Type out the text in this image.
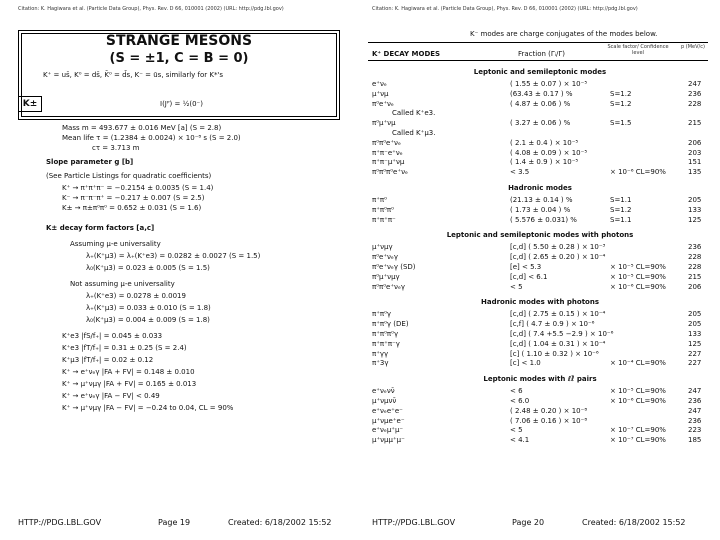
Citation: K. Hagiwara et al. (Particle Data Group), Phys. Rev. D 66, 010001 (2002) (URL: http://pdg.lbl.gov)
STRANGE MESONS
(S = ±1, C = B = 0)
K⁺ = us̄, K⁰ = ds̄, K̄⁰ = d̄s, K⁻ = ūs, similarly for K*'s
K±	I(Jᴾ) = ½(0⁻)
Mass m = 493.677 ± 0.016 MeV [a] (S = 2.8)
Mean life τ = (1.2384 ± 0.0024) × 10⁻⁸ s (S = 2.0)
cτ = 3.713 m
Slope parameter g [b]
(See Particle Listings for quadratic coefficients)
K⁺ → π⁺π⁺π⁻ = −0.2154 ± 0.0035 (S = 1.4)
K⁻ → π⁻π⁻π⁺ = −0.217 ± 0.007 (S = 2.5)
K± → π±π⁰π⁰ = 0.652 ± 0.031 (S = 1.6)
K± decay form factors [a,c]
Assuming μ-e universality
λ₊(K⁺μ3) = λ₊(K⁺e3) = 0.0282 ± 0.0027 (S = 1.5)
λ₀(K⁺μ3) = 0.023 ± 0.005 (S = 1.5)
Not assuming μ-e universality
λ₊(K⁺e3) = 0.0278 ± 0.0019
λ₊(K⁺μ3) = 0.033 ± 0.010 (S = 1.8)
λ₀(K⁺μ3) = 0.004 ± 0.009 (S = 1.8)
K⁺e3 |fS/f₊| = 0.045 ± 0.033
K⁺e3 |fT/f₊| = 0.31 ± 0.25 (S = 2.4)
K⁺μ3 |fT/f₊| = 0.02 ± 0.12
K⁺ → e⁺νₑγ |FA + FV| = 0.148 ± 0.010
K⁺ → μ⁺νμγ |FA + FV| = 0.165 ± 0.013
K⁺ → e⁺νₑγ |FA − FV| < 0.49
K⁺ → μ⁺νμγ |FA − FV| = −0.24 to 0.04, CL = 90%
HTTP://PDG.LBL.GOV	Page 19	Created: 6/18/2002 15:52
Citation: K. Hagiwara et al. (Particle Data Group), Phys. Rev. D 66, 010001 (2002) (URL: http://pdg.lbl.gov)
K⁻ modes are charge conjugates of the modes below.
K⁺ DECAY MODES	Fraction (Γᵢ/Γ)
Scale factor/ Confidence level
p (MeV/c)
Leptonic and semileptonic modes
e⁺νₑ	( 1.55 ± 0.07 ) × 10⁻⁵	247
μ⁺νμ	(63.43 ± 0.17 ) %	S=1.2	236
π⁰e⁺νₑ	( 4.87 ± 0.06 ) %	S=1.2	228
Called K⁺e3.
π⁰μ⁺νμ	( 3.27 ± 0.06 ) %	S=1.5	215
Called K⁺μ3.
π⁰π⁰e⁺νₑ	( 2.1 ± 0.4 ) × 10⁻⁵	206
π⁺π⁻e⁺νₑ	( 4.08 ± 0.09 ) × 10⁻⁵	203
π⁺π⁻μ⁺νμ	( 1.4 ± 0.9 ) × 10⁻⁵	151
π⁰π⁰π⁰e⁺νₑ	< 3.5	× 10⁻⁶ CL=90%	135
Hadronic modes
π⁺π⁰	(21.13 ± 0.14 ) %	S=1.1	205
π⁺π⁰π⁰	( 1.73 ± 0.04 ) %	S=1.2	133
π⁺π⁺π⁻	( 5.576 ± 0.031) %	S=1.1	125
Leptonic and semileptonic modes with photons
μ⁺νμγ	[c,d] ( 5.50 ± 0.28 ) × 10⁻³	236
π⁰e⁺νₑγ	[c,d] ( 2.65 ± 0.20 ) × 10⁻⁴	228
π⁰e⁺νₑγ (SD)	[e] < 5.3	× 10⁻⁵ CL=90%	228
π⁰μ⁺νμγ	[c,d] < 6.1	× 10⁻⁵ CL=90%	215
π⁰π⁰e⁺νₑγ	< 5	× 10⁻⁶ CL=90%	206
Hadronic modes with photons
π⁺π⁰γ	[c,d] ( 2.75 ± 0.15 ) × 10⁻⁴	205
π⁺π⁰γ (DE)	[c,f] ( 4.7 ± 0.9 ) × 10⁻⁶	205
π⁺π⁰π⁰γ	[c,d] ( 7.4 +5.5 −2.9 ) × 10⁻⁶	133
π⁺π⁺π⁻γ	[c,d] ( 1.04 ± 0.31 ) × 10⁻⁴	125
π⁺γγ	[c] ( 1.10 ± 0.32 ) × 10⁻⁶	227
π⁺3γ	[c] < 1.0	× 10⁻⁴ CL=90%	227
Leptonic modes with ℓℓ̄ pairs
e⁺νₑνν̄	< 6	× 10⁻⁵ CL=90%	247
μ⁺νμνν̄	< 6.0	× 10⁻⁶ CL=90%	236
e⁺νₑe⁺e⁻	( 2.48 ± 0.20 ) × 10⁻⁸	247
μ⁺νμe⁺e⁻	( 7.06 ± 0.16 ) × 10⁻⁸	236
e⁺νₑμ⁺μ⁻	< 5	× 10⁻⁷ CL=90%	223
μ⁺νμμ⁺μ⁻	< 4.1	× 10⁻⁷ CL=90%	185
HTTP://PDG.LBL.GOV	Page 20	Created: 6/18/2002 15:52
